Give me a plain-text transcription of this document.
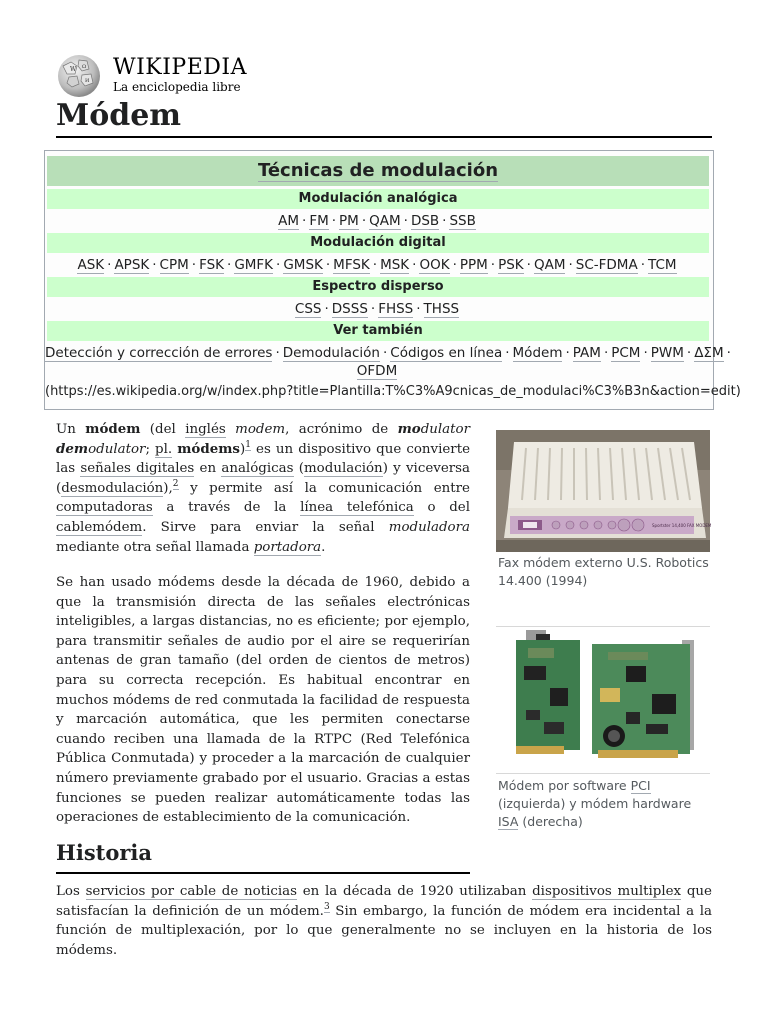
W Ω
И
WIKIPEDIA
La enciclopedia libre
Módem
Técnicas de modulación
Modulación analógica
AM · FM · PM · QAM · DSB · SSB
Modulación digital
ASK · APSK · CPM · FSK · GMFK · GMSK · MFSK · MSK · OOK · PPM · PSK · QAM · SC-FDMA · TCM
Espectro disperso
CSS · DSSS · FHSS · THSS
Ver también
Detección y corrección de errores · Demodulación · Códigos en línea · Módem · PAM · PCM · PWM · ΔΣΜ ·
OFDM
(https://es.wikipedia.org/w/index.php?title=Plantilla:T%C3%A9cnicas_de_modulaci%C3%B3n&action=edit)

Un módem (del inglés modem, acrónimo de modulator demodulator; pl. módems)$^1$ es un dispositivo que convierte las señales digitales en analógicas (modulación) y viceversa (desmodulación),$^2$ y permite así la comunicación entre computadoras a través de la línea telefónica o del cablemódem. Sirve para enviar la señal moduladora mediante otra señal llamada portadora.

Se han usado módems desde la década de 1960, debido a que la transmisión directa de las señales electrónicas inteligibles, a largas distancias, no es eficiente; por ejemplo, para transmitir señales de audio por el aire se requerirían antenas de gran tamaño (del orden de cientos de metros) para su correcta recepción. Es habitual encontrar en muchos módems de red conmutada la facilidad de respuesta y marcación automática, que les permiten conectarse cuando reciben una llamada de la RTPC (Red Telefónica Pública Conmutada) y proceder a la marcación de cualquier número previamente grabado por el usuario. Gracias a estas funciones se pueden realizar automáticamente todas las operaciones de establecimiento de la comunicación.

Sportster 14,400 FAX MODEM
Fax módem externo U.S. Robotics 14.400 (1994)
Módem por software PCI (izquierda) y módem hardware ISA (derecha)
Historia

Los servicios por cable de noticias en la década de 1920 utilizaban dispositivos multiplex que satisfacían la definición de un módem.$^3$ Sin embargo, la función de módem era incidental a la función de multiplexación, por lo que generalmente no se incluyen en la historia de los módems.
